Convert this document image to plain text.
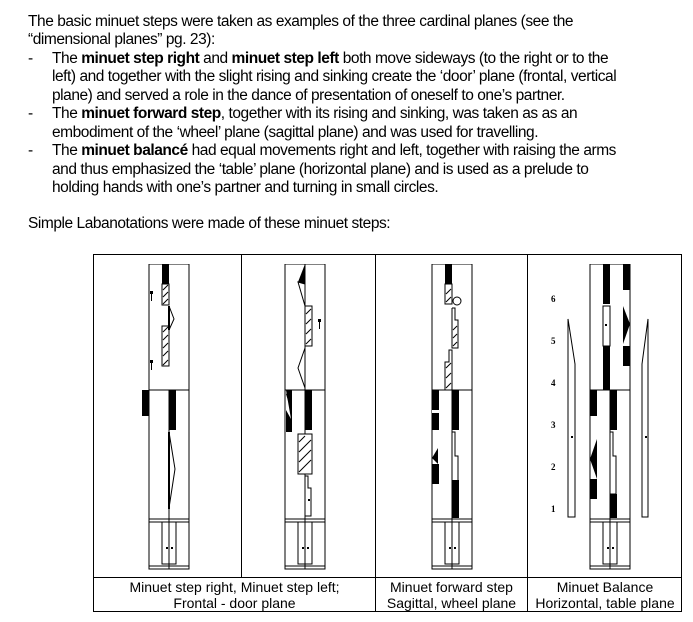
The basic minuet steps were taken as examples of the three cardinal planes (see the
“dimensional planes” pg. 23):
- The minuet step right and minuet step left both move sideways (to the right or to the
left) and together with the slight rising and sinking create the ‘door’ plane (frontal, vertical
plane) and served a role in the dance of presentation of oneself to one’s partner.
- The minuet forward step, together with its rising and sinking, was taken as as an
embodiment of the ‘wheel’ plane (sagittal plane) and was used for travelling.
- The minuet balancé had equal movements right and left, together with raising the arms
and thus emphasized the ‘table’ plane (horizontal plane) and is used as a prelude to
holding hands with one’s partner and turning in small circles.
Simple Labanotations were made of these minuet steps:
Minuet step right, Minuet step left;
Frontal - door plane
Minuet forward step
Sagittal, wheel plane
Minuet Balance
Horizontal, table plane
6
5
4
3
2
1
